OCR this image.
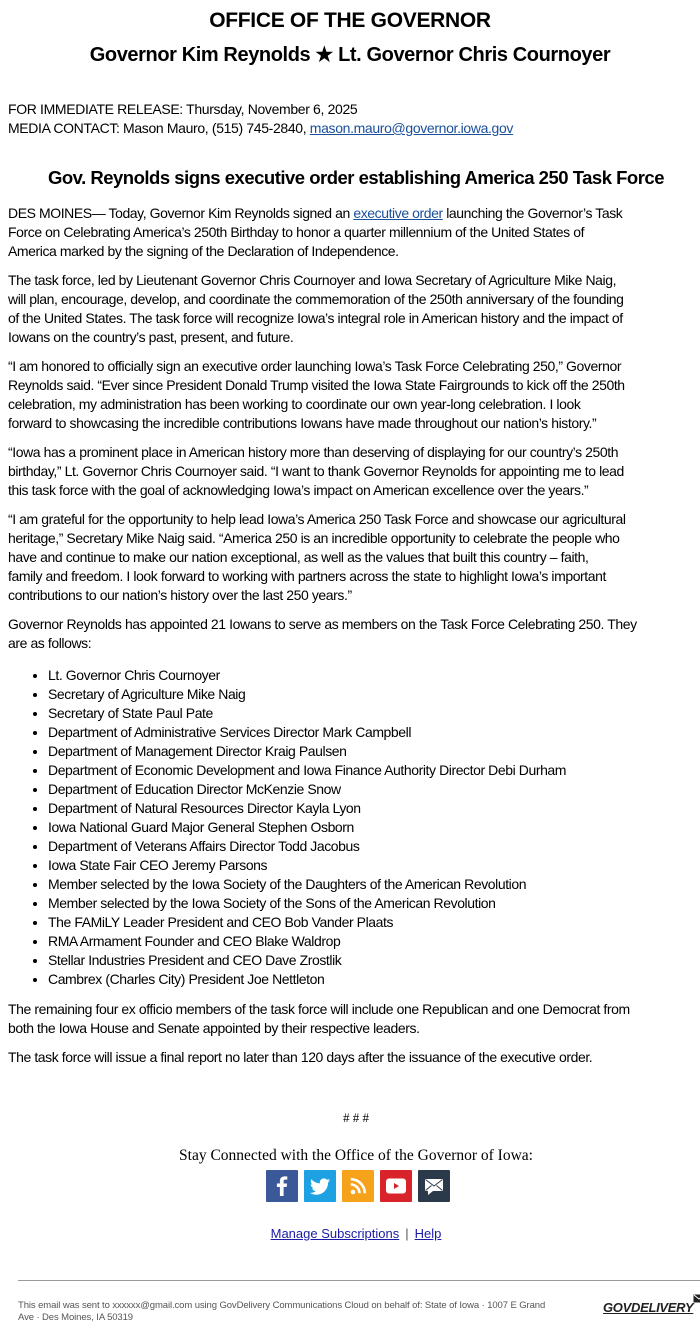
OFFICE OF THE GOVERNOR
Governor Kim Reynolds ★ Lt. Governor Chris Cournoyer
FOR IMMEDIATE RELEASE: Thursday, November 6, 2025
MEDIA CONTACT: Mason Mauro, (515) 745-2840, mason.mauro@governor.iowa.gov
Gov. Reynolds signs executive order establishing America 250 Task Force

DES MOINES— Today, Governor Kim Reynolds signed an executive order launching the Governor’s Task

Force on Celebrating America’s 250th Birthday to honor a quarter millennium of the United States of

America marked by the signing of the Declaration of Independence.

The task force, led by Lieutenant Governor Chris Cournoyer and Iowa Secretary of Agriculture Mike Naig,

will plan, encourage, develop, and coordinate the commemoration of the 250th anniversary of the founding

of the United States. The task force will recognize Iowa’s integral role in American history and the impact of

Iowans on the country’s past, present, and future.

“I am honored to officially sign an executive order launching Iowa’s Task Force Celebrating 250,” Governor

Reynolds said. “Ever since President Donald Trump visited the Iowa State Fairgrounds to kick off the 250th

celebration, my administration has been working to coordinate our own year-long celebration. I look

forward to showcasing the incredible contributions Iowans have made throughout our nation’s history.”

“Iowa has a prominent place in American history more than deserving of displaying for our country’s 250th

birthday,” Lt. Governor Chris Cournoyer said. “I want to thank Governor Reynolds for appointing me to lead

this task force with the goal of acknowledging Iowa’s impact on American excellence over the years.”

“I am grateful for the opportunity to help lead Iowa’s America 250 Task Force and showcase our agricultural

heritage,” Secretary Mike Naig said. “America 250 is an incredible opportunity to celebrate the people who

have and continue to make our nation exceptional, as well as the values that built this country – faith,

family and freedom. I look forward to working with partners across the state to highlight Iowa’s important

contributions to our nation’s history over the last 250 years.”

Governor Reynolds has appointed 21 Iowans to serve as members on the Task Force Celebrating 250. They

are as follows:

• Lt. Governor Chris Cournoyer
• Secretary of Agriculture Mike Naig
• Secretary of State Paul Pate
• Department of Administrative Services Director Mark Campbell
• Department of Management Director Kraig Paulsen
• Department of Economic Development and Iowa Finance Authority Director Debi Durham
• Department of Education Director McKenzie Snow
• Department of Natural Resources Director Kayla Lyon
• Iowa National Guard Major General Stephen Osborn
• Department of Veterans Affairs Director Todd Jacobus
• Iowa State Fair CEO Jeremy Parsons
• Member selected by the Iowa Society of the Daughters of the American Revolution
• Member selected by the Iowa Society of the Sons of the American Revolution
• The FAMiLY Leader President and CEO Bob Vander Plaats
• RMA Armament Founder and CEO Blake Waldrop
• Stellar Industries President and CEO Dave Zrostlik
• Cambrex (Charles City) President Joe Nettleton

The remaining four ex officio members of the task force will include one Republican and one Democrat from

both the Iowa House and Senate appointed by their respective leaders.

The task force will issue a final report no later than 120 days after the issuance of the executive order.

# # #
Stay Connected with the Office of the Governor of Iowa:
Manage Subscriptions | Help
This email was sent to xxxxxx@gmail.com using GovDelivery Communications Cloud on behalf of: State of Iowa · 1007 E Grand
Ave · Des Moines, IA 50319
GOVDELIVERY
